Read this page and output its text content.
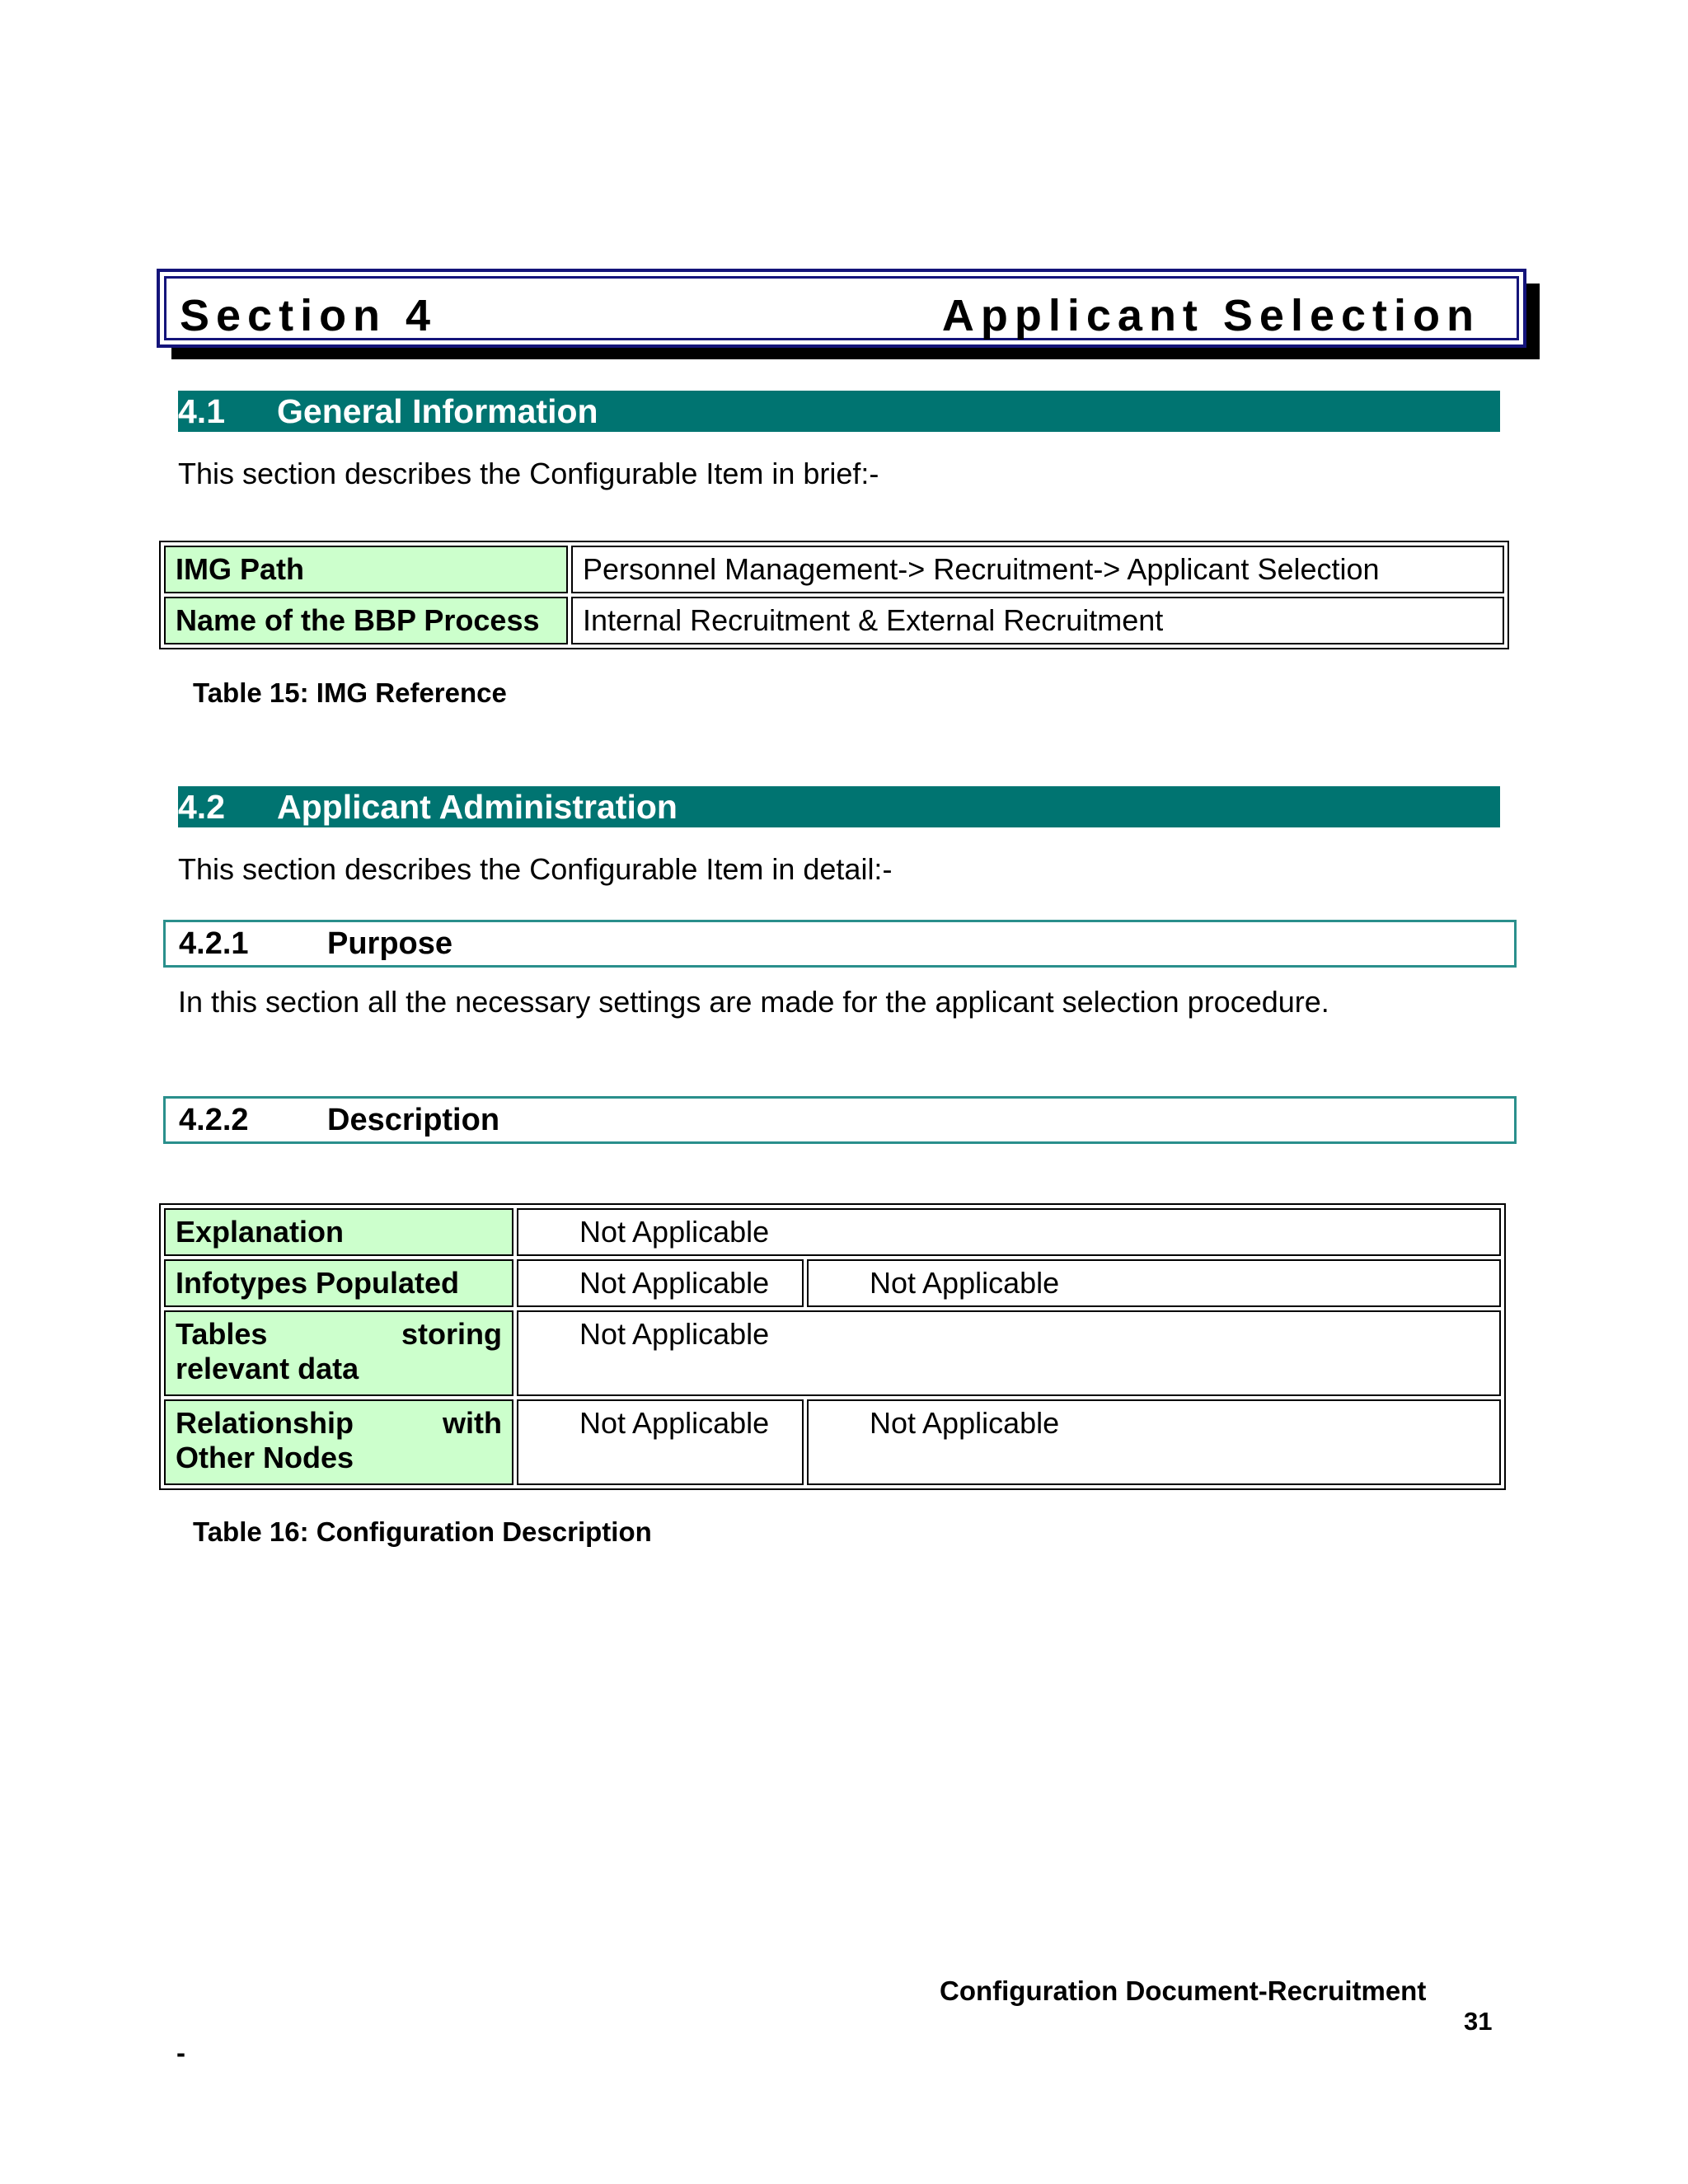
Section 4	Applicant Selection
4.1 General Information
This section describes the Configurable Item in brief:-
IMG Path	Personnel Management-> Recruitment-> Applicant Selection
Name of the BBP Process	Internal Recruitment & External Recruitment
Table 15: IMG Reference
4.2 Applicant Administration
This section describes the Configurable Item in detail:-
4.2.1	Purpose
In this section all the necessary settings are made for the applicant selection procedure.
4.2.2	Description
Explanation	Not Applicable	
Infotypes Populated	Not Applicable	Not Applicable

Tables storing
relevant data	Not Applicable	

Relationship with
Other Nodes	Not Applicable	Not Applicable
Table 16: Configuration Description
Configuration Document-Recruitment
31
-
